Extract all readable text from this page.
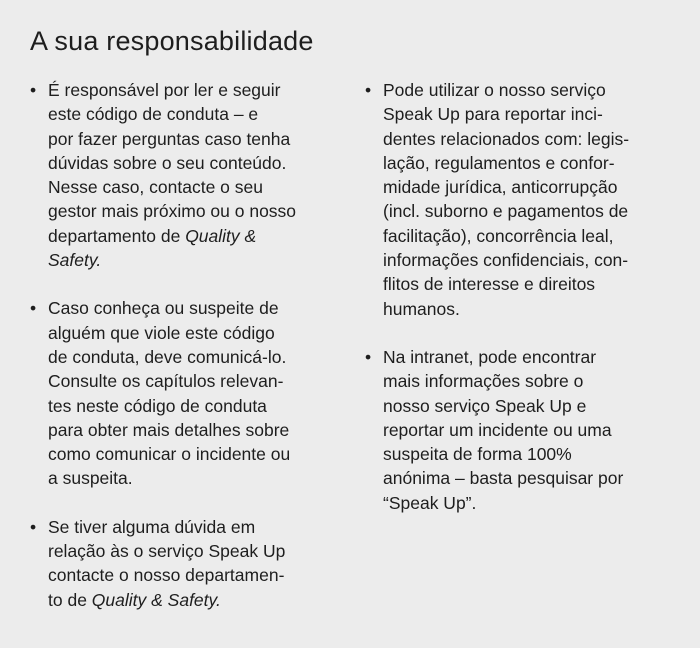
A sua responsabilidade
• É responsável por ler e seguir
este código de conduta – e
por fazer perguntas caso tenha
dúvidas sobre o seu conteúdo.
Nesse caso, contacte o seu
gestor mais próximo ou o nosso
departamento de Quality &
Safety.

• Caso conheça ou suspeite de
alguém que viole este código
de conduta, deve comunicá-lo.
Consulte os capítulos relevan-
tes neste código de conduta
para obter mais detalhes sobre
como comunicar o incidente ou
a suspeita.

• Se tiver alguma dúvida em
relação às o serviço Speak Up
contacte o nosso departamen-
to de Quality & Safety.

• Pode utilizar o nosso serviço
Speak Up para reportar inci-
dentes relacionados com: legis-
lação, regulamentos e confor-
midade jurídica, anticorrupção
(incl. suborno e pagamentos de
facilitação), concorrência leal,
informações confidenciais, con-
flitos de interesse e direitos
humanos.

• Na intranet, pode encontrar
mais informações sobre o
nosso serviço Speak Up e
reportar um incidente ou uma
suspeita de forma 100%
anónima – basta pesquisar por
“Speak Up”.
